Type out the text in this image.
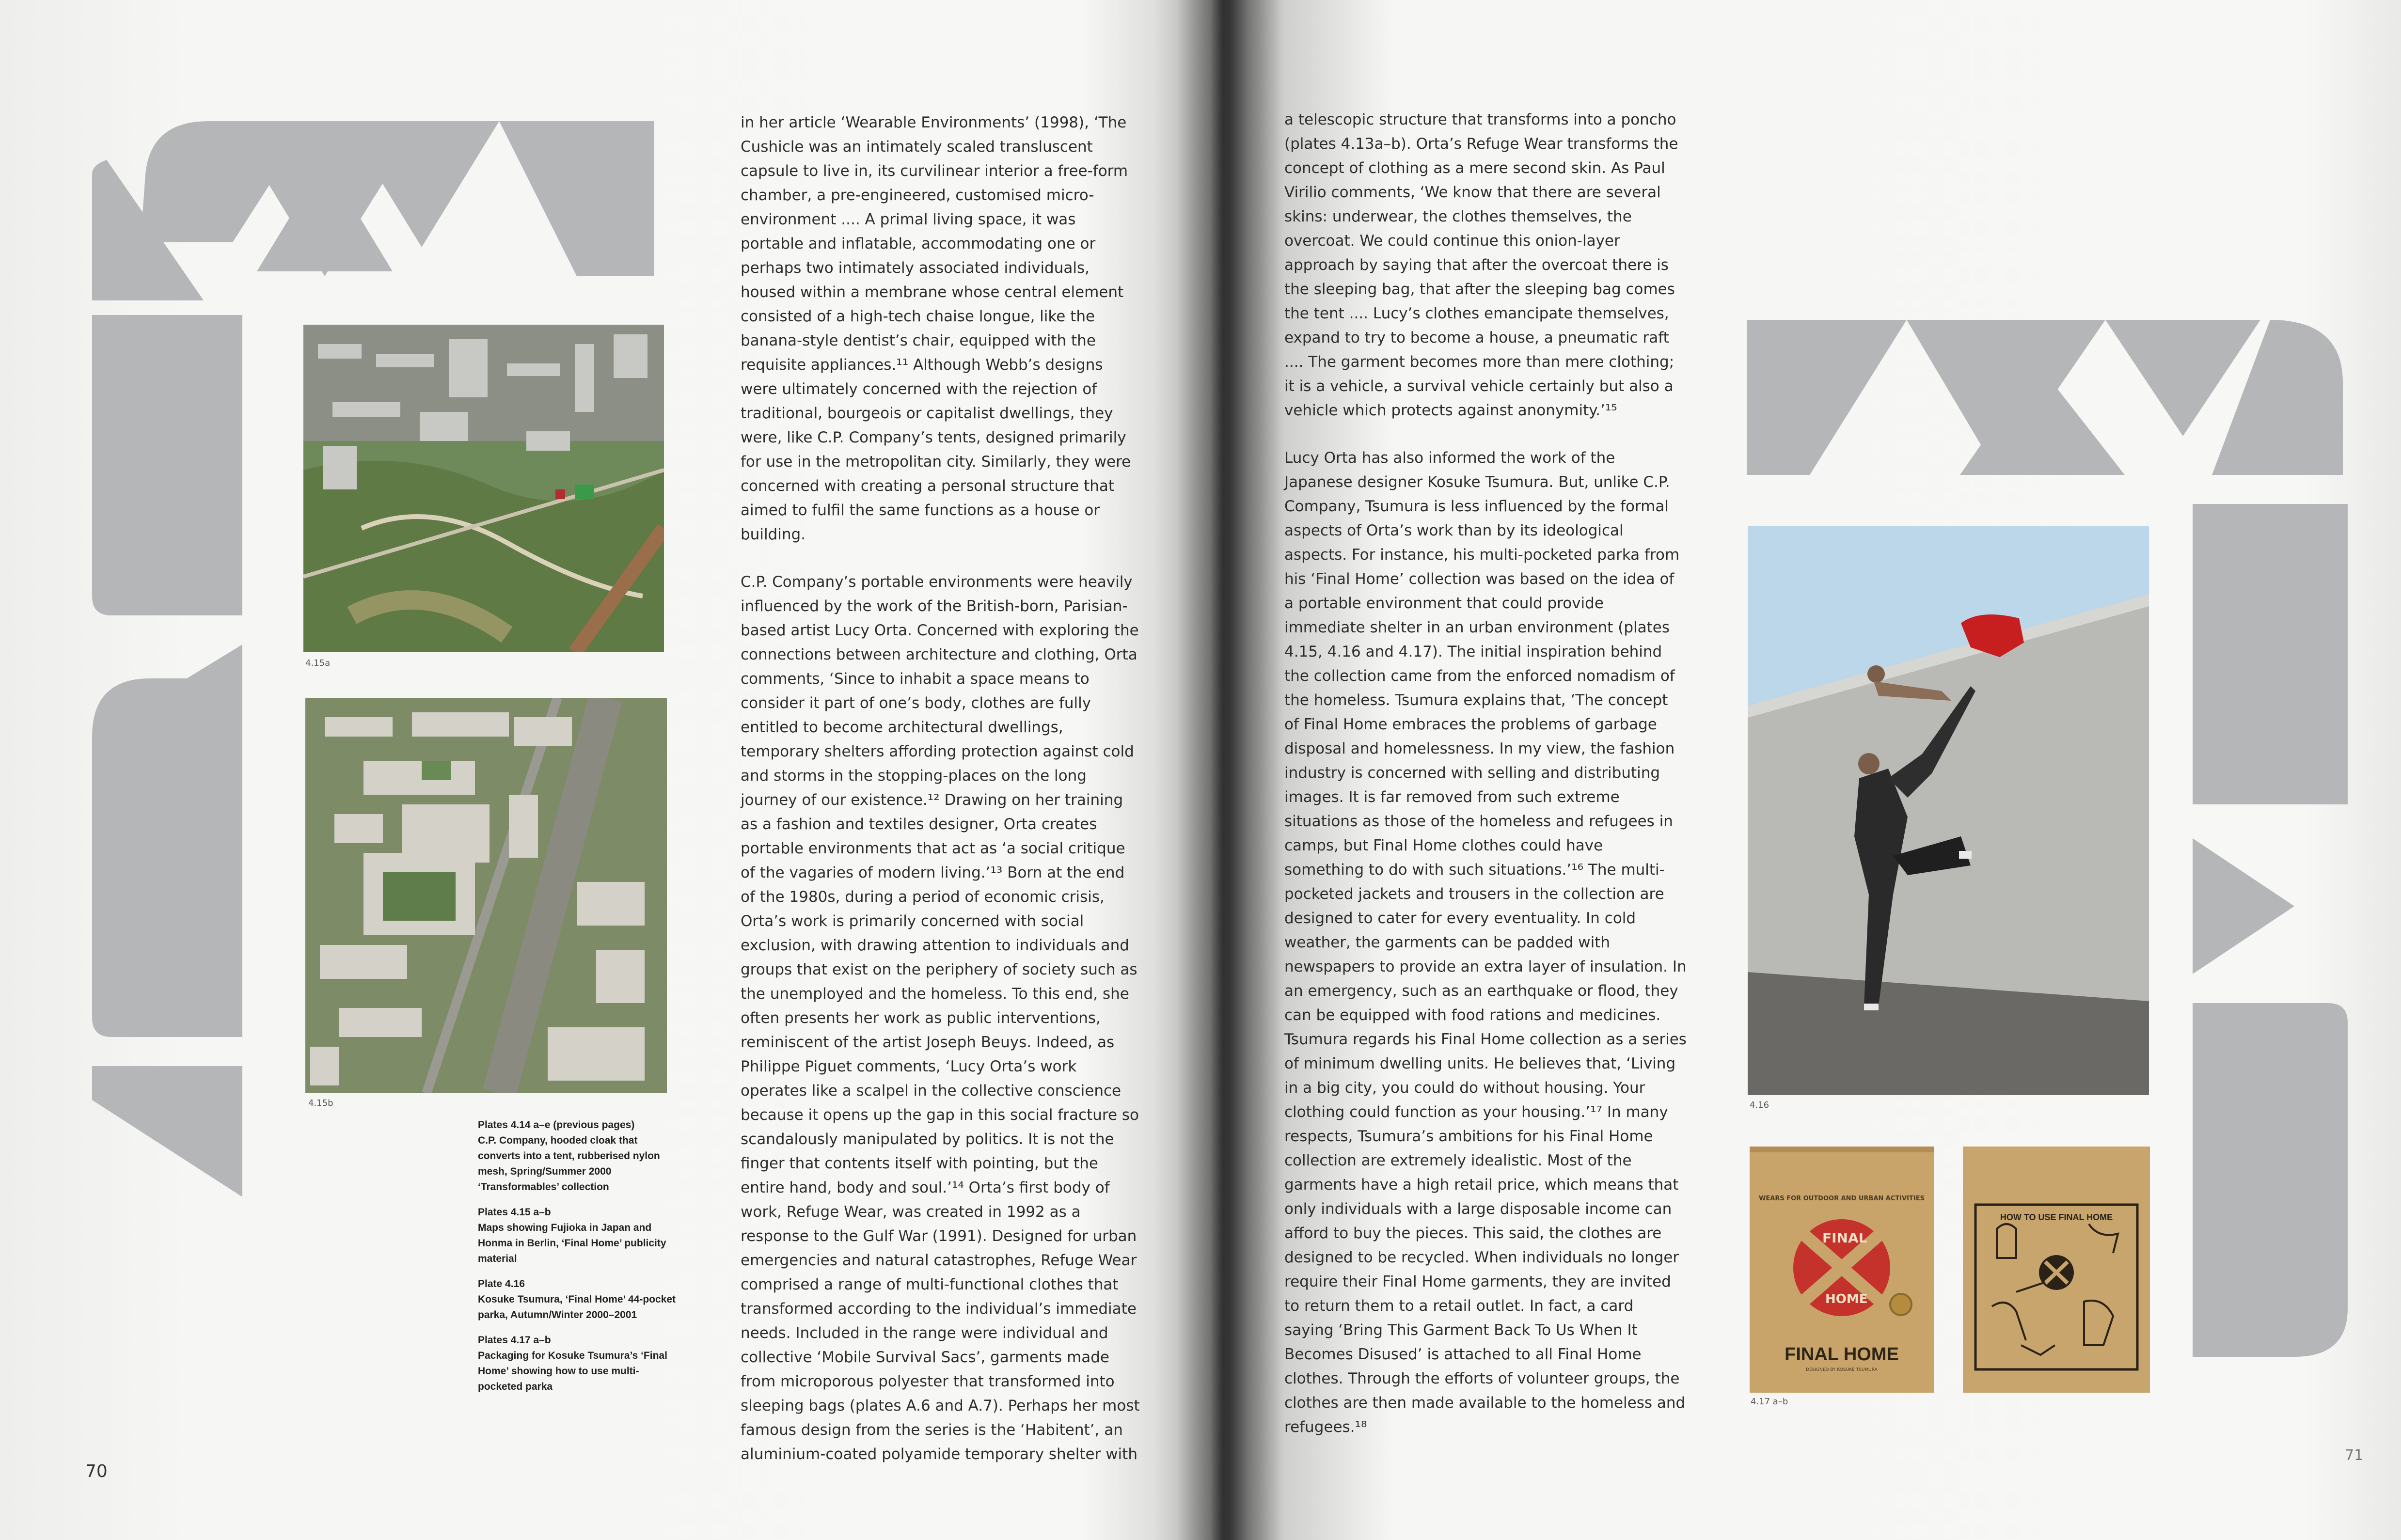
4.15a
4.15b
Plates 4.14 a–e (previous pages)
C.P. Company, hooded cloak that converts into a tent, rubberised nylon mesh, Spring/Summer 2000 ‘Transformables’ collection
Plates 4.15 a–b
Maps showing Fujioka in Japan and Honma in Berlin, ‘Final Home’ publicity material
Plate 4.16
Kosuke Tsumura, ‘Final Home’ 44-pocket parka, Autumn/Winter 2000–2001
Plates 4.17 a–b
Packaging for Kosuke Tsumura’s ‘Final Home’ showing how to use multi-pocketed parka

in her article ‘Wearable Environments’ (1998), ‘The Cushicle was an intimately scaled transluscent capsule to live in, its curvilinear interior a free-form chamber, a pre-engineered, customised micro-environment .... A primal living space, it was portable and inflatable, accommodating one or perhaps two intimately associated individuals, housed within a membrane whose central element consisted of a high-tech chaise longue, like the banana-style dentist’s chair, equipped with the requisite appliances.¹¹ Although Webb’s designs were ultimately concerned with the rejection of traditional, bourgeois or capitalist dwellings, they were, like C.P. Company’s tents, designed primarily for use in the metropolitan city. Similarly, they were concerned with creating a personal structure that aimed to fulfil the same functions as a house or building.

C.P. Company’s portable environments were heavily influenced by the work of the British-born, Parisian-based artist Lucy Orta. Concerned with exploring the connections between architecture and clothing, Orta comments, ‘Since to inhabit a space means to consider it part of one’s body, clothes are fully entitled to become architectural dwellings, temporary shelters affording protection against cold and storms in the stopping-places on the long journey of our existence.¹² Drawing on her training as a fashion and textiles designer, Orta creates portable environments that act as ‘a social critique of the vagaries of modern living.’¹³ Born at the end of the 1980s, during a period of economic crisis, Orta’s work is primarily concerned with social exclusion, with drawing attention to individuals and groups that exist on the periphery of society such as the unemployed and the homeless. To this end, she often presents her work as public interventions, reminiscent of the artist Joseph Beuys. Indeed, as Philippe Piguet comments, ‘Lucy Orta’s work operates like a scalpel in the collective conscience because it opens up the gap in this social fracture so scandalously manipulated by politics. It is not the finger that contents itself with pointing, but the entire hand, body and soul.’¹⁴ Orta’s first body of work, Refuge Wear, was created in 1992 as a response to the Gulf War (1991). Designed for urban emergencies and natural catastrophes, Refuge Wear comprised a range of multi-functional clothes that transformed according to the individual’s immediate needs. Included in the range were individual and collective ‘Mobile Survival Sacs’, garments made from microporous polyester that transformed into sleeping bags (plates A.6 and A.7). Perhaps her most famous design from the series is the ‘Habitent’, an aluminium-coated polyamide temporary shelter with

70

a telescopic structure that transforms into a poncho (plates 4.13a–b). Orta’s Refuge Wear transforms the concept of clothing as a mere second skin. As Paul Virilio comments, ‘We know that there are several skins: underwear, the clothes themselves, the overcoat. We could continue this onion-layer approach by saying that after the overcoat there is the sleeping bag, that after the sleeping bag comes the tent .... Lucy’s clothes emancipate themselves, expand to try to become a house, a pneumatic raft .... The garment becomes more than mere clothing; it is a vehicle, a survival vehicle certainly but also a vehicle which protects against anonymity.’¹⁵

Lucy Orta has also informed the work of the Japanese designer Kosuke Tsumura. But, unlike C.P. Company, Tsumura is less influenced by the formal aspects of Orta’s work than by its ideological aspects. For instance, his multi-pocketed parka from his ‘Final Home’ collection was based on the idea of a portable environment that could provide immediate shelter in an urban environment (plates 4.15, 4.16 and 4.17). The initial inspiration behind the collection came from the enforced nomadism of the homeless. Tsumura explains that, ‘The concept of Final Home embraces the problems of garbage disposal and homelessness. In my view, the fashion industry is concerned with selling and distributing images. It is far removed from such extreme situations as those of the homeless and refugees in camps, but Final Home clothes could have something to do with such situations.’¹⁶ The multi-pocketed jackets and trousers in the collection are designed to cater for every eventuality. In cold weather, the garments can be padded with newspapers to provide an extra layer of insulation. In an emergency, such as an earthquake or flood, they can be equipped with food rations and medicines. Tsumura regards his Final Home collection as a series of minimum dwelling units. He believes that, ‘Living in a big city, you could do without housing. Your clothing could function as your housing.’¹⁷ In many respects, Tsumura’s ambitions for his Final Home collection are extremely idealistic. Most of the garments have a high retail price, which means that only individuals with a large disposable income can afford to buy the pieces. This said, the clothes are designed to be recycled. When individuals no longer require their Final Home garments, they are invited to return them to a retail outlet. In fact, a card saying ‘Bring This Garment Back To Us When It Becomes Disused’ is attached to all Final Home clothes. Through the efforts of volunteer groups, the clothes are then made available to the homeless and refugees.¹⁸

4.16
WEARS FOR OUTDOOR AND URBAN ACTIVITIES
FINAL
HOME
FINAL HOME
DESIGNED BY KOSUKE TSUMURA
HOW TO USE FINAL HOME
4.17 a–b
71
